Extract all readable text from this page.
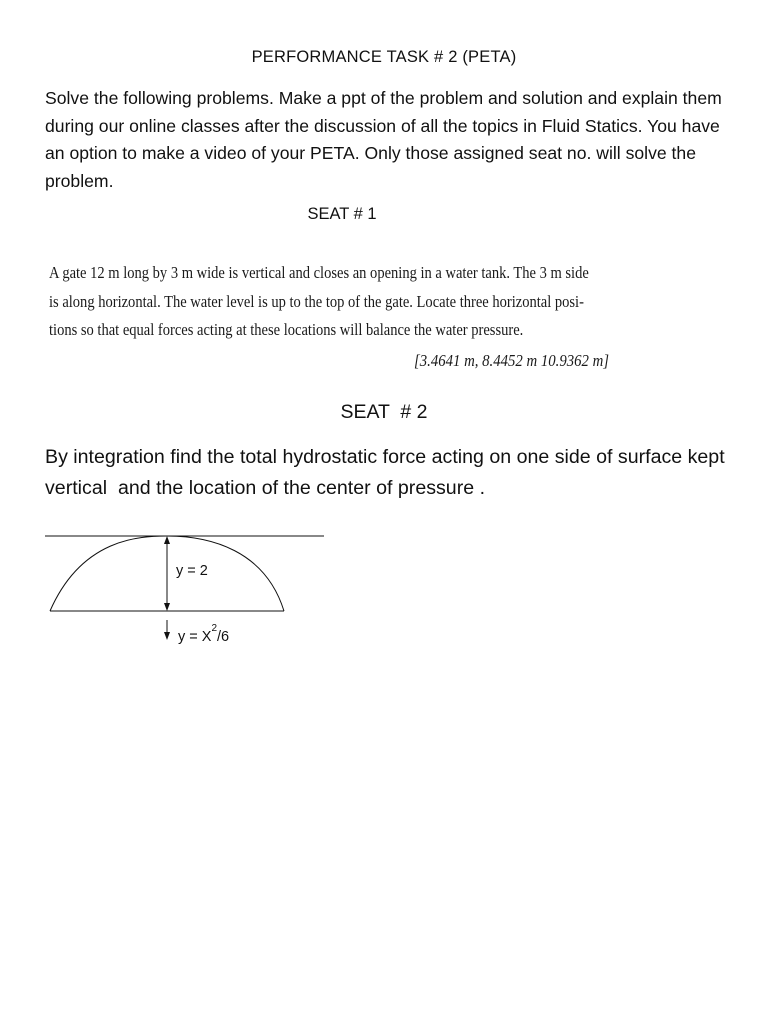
PERFORMANCE TASK # 2 (PETA)

Solve the following problems. Make a ppt of the problem and solution and explain them during our online classes after the discussion of all the topics in Fluid Statics. You have an option to make a video of your PETA. Only those assigned seat no. will solve the problem.

SEAT # 1
A gate 12 m long by 3 m wide is vertical and closes an opening in a water tank. The 3 m side
is along horizontal. The water level is up to the top of the gate. Locate three horizontal posi-
tions so that equal forces acting at these locations will balance the water pressure.
[3.4641 m, 8.4452 m 10.9362 m]
SEAT  # 2

By integration find the total hydrostatic force acting on one side of surface kept vertical  and the location of the center of pressure .

y = 2
$y = X^2/6$
